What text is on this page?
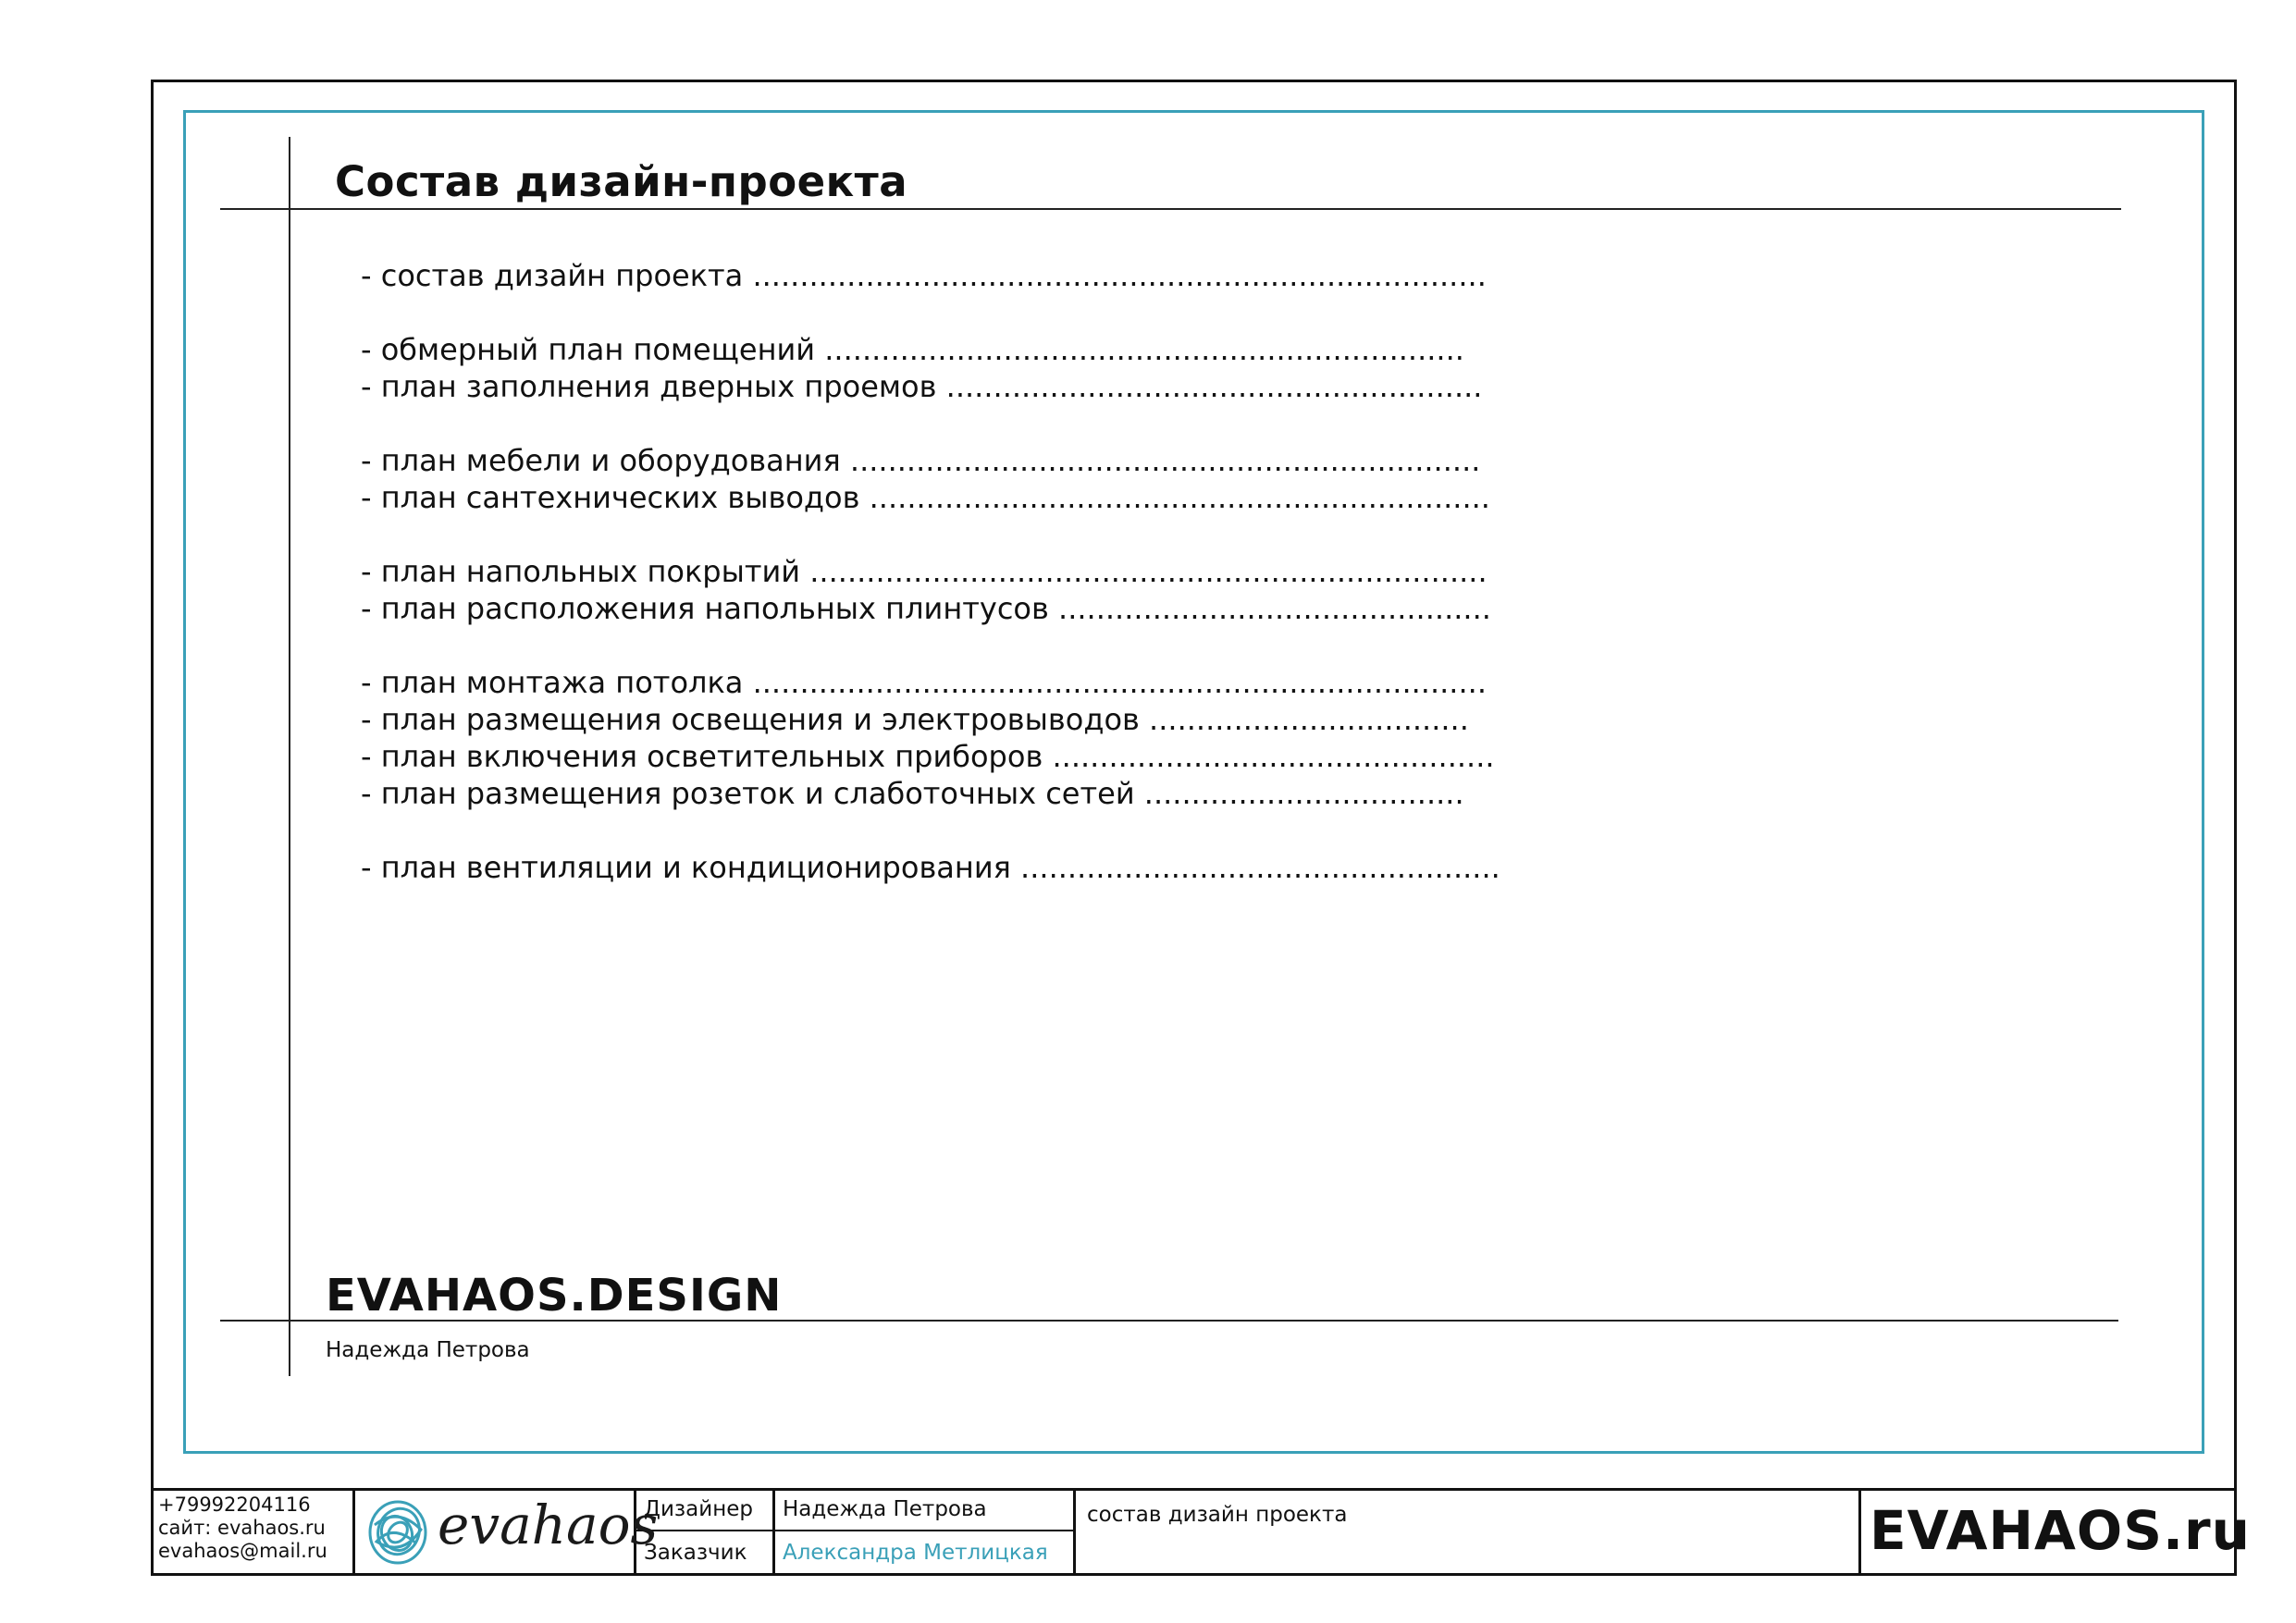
Состав дизайн-проекта
- состав дизайн проекта ..............................................................................
- обмерный план помещений ....................................................................
- план заполнения дверных проемов .........................................................
- план мебели и оборудования ...................................................................
- план сантехнических выводов ..................................................................
- план напольных покрытий ........................................................................
- план расположения напольных плинтусов ..............................................
- план монтажа потолка ..............................................................................
- план размещения освещения и электровыводов ..................................
- план включения осветительных приборов ...............................................
- план размещения розеток и слаботочных сетей ..................................
- план вентиляции и кондиционирования ...................................................
EVAHAOS.DESIGN
Надежда Петрова
+79992204116
сайт: evahaos.ru
evahaos@mail.ru evahaos
Дизайнер Надежда Петрова
Заказчик Александра Метлицкая
состав дизайн проекта	EVAHAOS.ru
